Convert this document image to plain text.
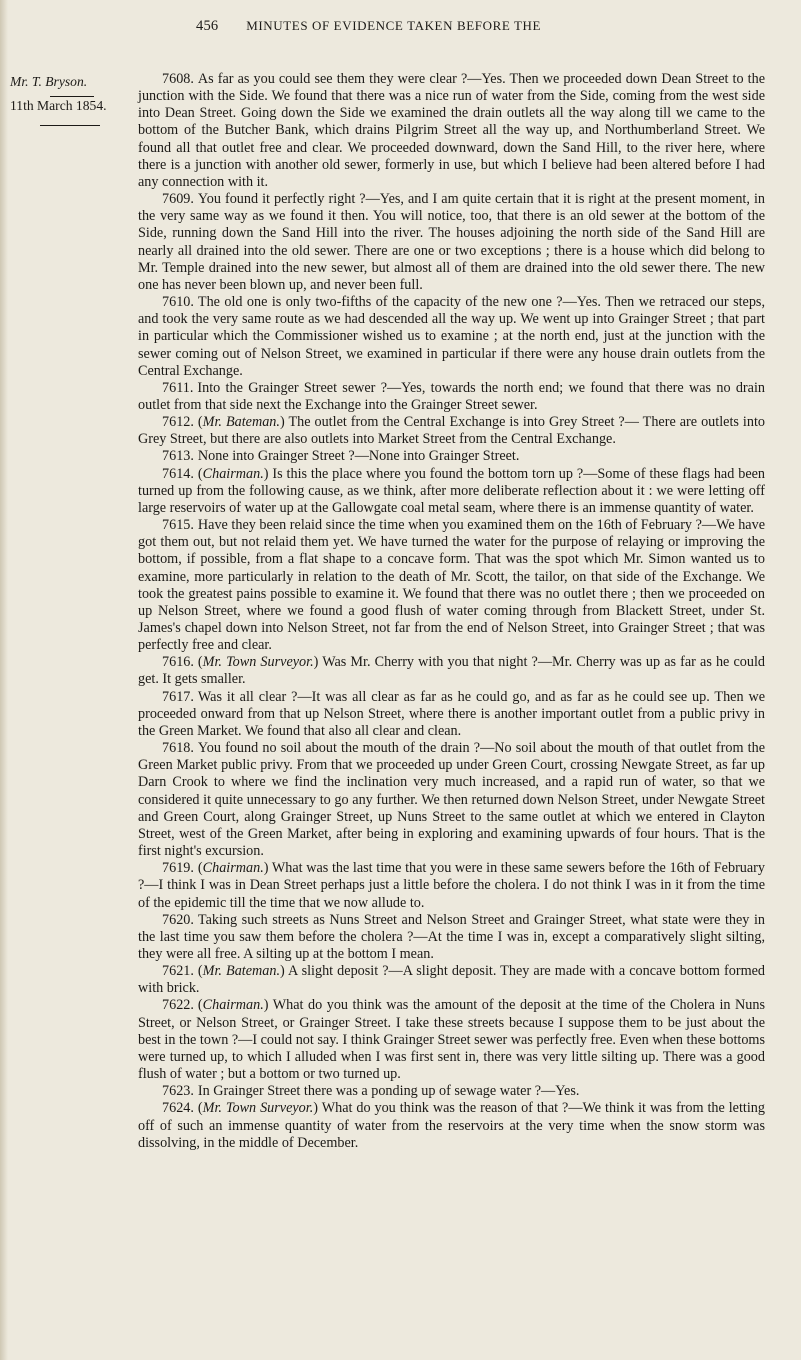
456 MINUTES OF EVIDENCE TAKEN BEFORE THE
Mr. T. Bryson.
11th March 1854.

7608. As far as you could see them they were clear ?—Yes. Then we proceeded down Dean Street to the junction with the Side. We found that there was a nice run of water from the Side, coming from the west side into Dean Street. Going down the Side we examined the drain outlets all the way along till we came to the bottom of the Butcher Bank, which drains Pilgrim Street all the way up, and Northumberland Street. We found all that outlet free and clear. We proceeded downward, down the Sand Hill, to the river here, where there is a junction with another old sewer, formerly in use, but which I believe had been altered before I had any connection with it.

7609. You found it perfectly right ?—Yes, and I am quite certain that it is right at the present moment, in the very same way as we found it then. You will notice, too, that there is an old sewer at the bottom of the Side, running down the Sand Hill into the river. The houses adjoining the north side of the Sand Hill are nearly all drained into the old sewer. There are one or two exceptions ; there is a house which did belong to Mr. Temple drained into the new sewer, but almost all of them are drained into the old sewer there. The new one has never been blown up, and never been full.

7610. The old one is only two-fifths of the capacity of the new one ?—Yes. Then we retraced our steps, and took the very same route as we had descended all the way up. We went up into Grainger Street ; that part in particular which the Commissioner wished us to examine ; at the north end, just at the junction with the sewer coming out of Nelson Street, we examined in particular if there were any house drain outlets from the Central Exchange.

7611. Into the Grainger Street sewer ?—Yes, towards the north end; we found that there was no drain outlet from that side next the Exchange into the Grainger Street sewer.

7612. (Mr. Bateman.) The outlet from the Central Exchange is into Grey Street ?— There are outlets into Grey Street, but there are also outlets into Market Street from the Central Exchange.

7613. None into Grainger Street ?—None into Grainger Street.

7614. (Chairman.) Is this the place where you found the bottom torn up ?—Some of these flags had been turned up from the following cause, as we think, after more deliberate reflection about it : we were letting off large reservoirs of water up at the Gallowgate coal metal seam, where there is an immense quantity of water.

7615. Have they been relaid since the time when you examined them on the 16th of February ?—We have got them out, but not relaid them yet. We have turned the water for the purpose of relaying or improving the bottom, if possible, from a flat shape to a concave form. That was the spot which Mr. Simon wanted us to examine, more particularly in relation to the death of Mr. Scott, the tailor, on that side of the Exchange. We took the greatest pains possible to examine it. We found that there was no outlet there ; then we proceeded on up Nelson Street, where we found a good flush of water coming through from Blackett Street, under St. James's chapel down into Nelson Street, not far from the end of Nelson Street, into Grainger Street ; that was perfectly free and clear.

7616. (Mr. Town Surveyor.) Was Mr. Cherry with you that night ?—Mr. Cherry was up as far as he could get. It gets smaller.

7617. Was it all clear ?—It was all clear as far as he could go, and as far as he could see up. Then we proceeded onward from that up Nelson Street, where there is another important outlet from a public privy in the Green Market. We found that also all clear and clean.

7618. You found no soil about the mouth of the drain ?—No soil about the mouth of that outlet from the Green Market public privy. From that we proceeded up under Green Court, crossing Newgate Street, as far up Darn Crook to where we find the inclination very much increased, and a rapid run of water, so that we considered it quite unnecessary to go any further. We then returned down Nelson Street, under Newgate Street and Green Court, along Grainger Street, up Nuns Street to the same outlet at which we entered in Clayton Street, west of the Green Market, after being in exploring and examining upwards of four hours. That is the first night's excursion.

7619. (Chairman.) What was the last time that you were in these same sewers before the 16th of February ?—I think I was in Dean Street perhaps just a little before the cholera. I do not think I was in it from the time of the epidemic till the time that we now allude to.

7620. Taking such streets as Nuns Street and Nelson Street and Grainger Street, what state were they in the last time you saw them before the cholera ?—At the time I was in, except a comparatively slight silting, they were all free. A silting up at the bottom I mean.

7621. (Mr. Bateman.) A slight deposit ?—A slight deposit. They are made with a concave bottom formed with brick.

7622. (Chairman.) What do you think was the amount of the deposit at the time of the Cholera in Nuns Street, or Nelson Street, or Grainger Street. I take these streets because I suppose them to be just about the best in the town ?—I could not say. I think Grainger Street sewer was perfectly free. Even when these bottoms were turned up, to which I alluded when I was first sent in, there was very little silting up. There was a good flush of water ; but a bottom or two turned up.

7623. In Grainger Street there was a ponding up of sewage water ?—Yes.

7624. (Mr. Town Surveyor.) What do you think was the reason of that ?—We think it was from the letting off of such an immense quantity of water from the reservoirs at the very time when the snow storm was dissolving, in the middle of December.
